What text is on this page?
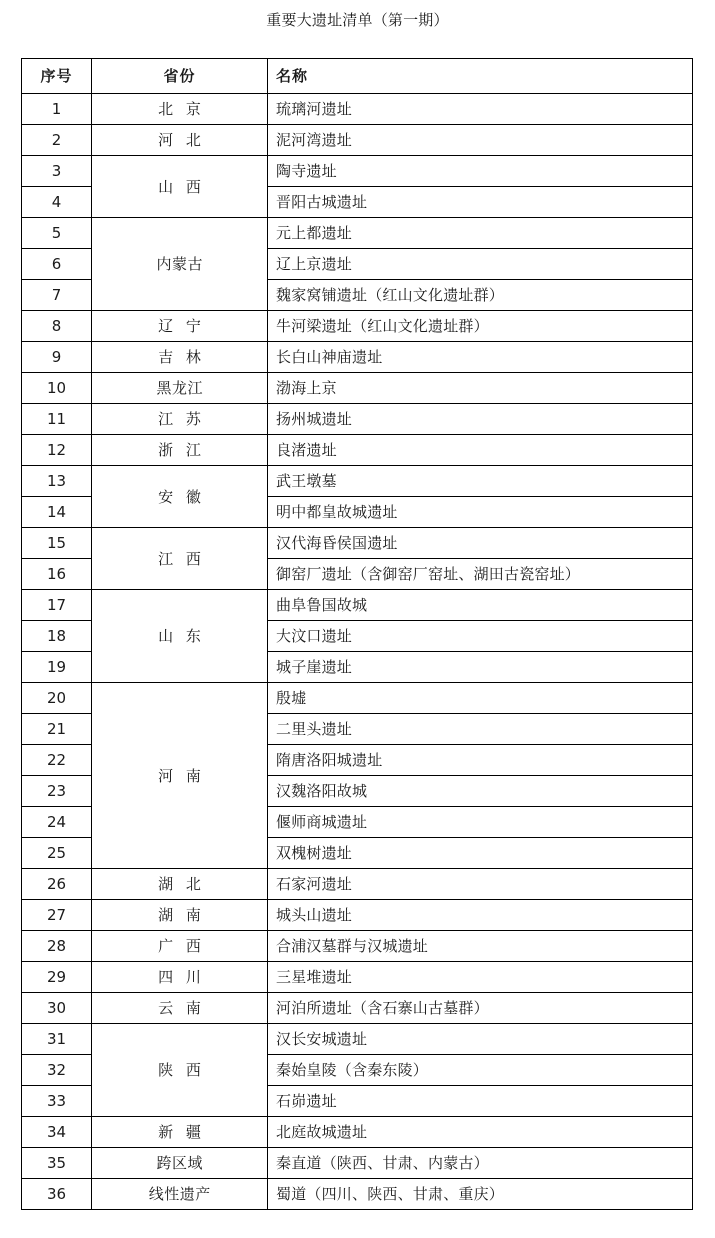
重要大遗址清单（第一期）
序号	省份	名称
1	北 京	琉璃河遗址
2	河 北	泥河湾遗址
3	山 西	陶寺遗址
4		晋阳古城遗址
5	内蒙古	元上都遗址
6		辽上京遗址
7		魏家窝铺遗址（红山文化遗址群）
8	辽 宁	牛河梁遗址（红山文化遗址群）
9	吉 林	长白山神庙遗址
10	黑龙江	渤海上京
11	江 苏	扬州城遗址
12	浙 江	良渚遗址
13	安 徽	武王墩墓
14		明中都皇故城遗址
15	江 西	汉代海昏侯国遗址
16		御窑厂遗址（含御窑厂窑址、湖田古瓷窑址）
17	山 东	曲阜鲁国故城
18		大汶口遗址
19		城子崖遗址
20	河 南	殷墟
21		二里头遗址
22		隋唐洛阳城遗址
23		汉魏洛阳故城
24		偃师商城遗址
25		双槐树遗址
26	湖 北	石家河遗址
27	湖 南	城头山遗址
28	广 西	合浦汉墓群与汉城遗址
29	四 川	三星堆遗址
30	云 南	河泊所遗址（含石寨山古墓群）
31	陕 西	汉长安城遗址
32		秦始皇陵（含秦东陵）
33		石峁遗址
34	新 疆	北庭故城遗址
35	跨区域	秦直道（陕西、甘肃、内蒙古）
36	线性遗产	蜀道（四川、陕西、甘肃、重庆）
